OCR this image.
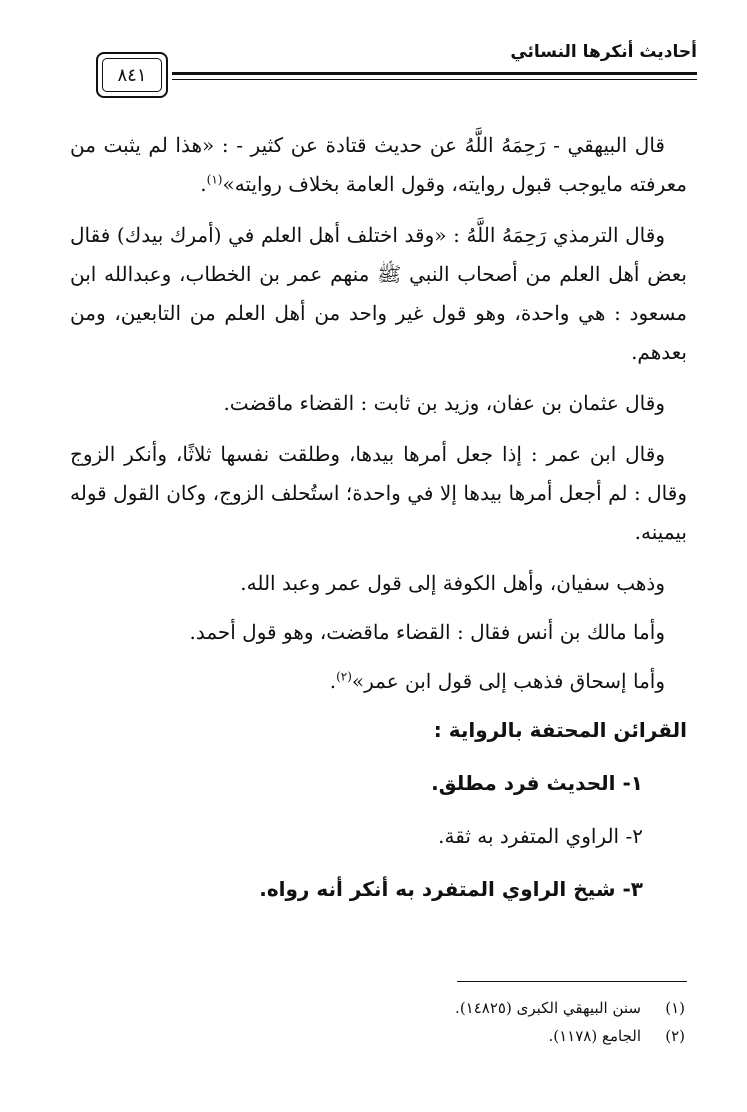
أحاديث أنكرها النسائي
٨٤١

قال البيهقي - رَحِمَهُ اللَّهُ عن حديث قتادة عن كثير - : «هذا لم يثبت من معرفته مايوجب قبول روايته، وقول العامة بخلاف روايته»$^{(١)}$.

وقال الترمذي رَحِمَهُ اللَّهُ : «وقد اختلف أهل العلم في (أمرك بيدك) فقال بعض أهل العلم من أصحاب النبي ﷺ منهم عمر بن الخطاب، وعبدالله ابن مسعود : هي واحدة، وهو قول غير واحد من أهل العلم من التابعين، ومن بعدهم.

وقال عثمان بن عفان، وزيد بن ثابت : القضاء ماقضت.

وقال ابن عمر : إذا جعل أمرها بيدها، وطلقت نفسها ثلاثًا، وأنكر الزوج وقال : لم أجعل أمرها بيدها إلا في واحدة؛ استُحلف الزوج، وكان القول قوله بيمينه.

وذهب سفيان، وأهل الكوفة إلى قول عمر وعبد الله.

وأما مالك بن أنس فقال : القضاء ماقضت، وهو قول أحمد.

وأما إسحاق فذهب إلى قول ابن عمر»$^{(٢)}$.

القرائن المحتفة بالرواية :
١- الحديث فرد مطلق.
٢- الراوي المتفرد به ثقة.
٣- شيخ الراوي المتفرد به أنكر أنه رواه.
(١)
سنن البيهقي الكبرى (١٤٨٢٥).
(٢)
الجامع (١١٧٨).
